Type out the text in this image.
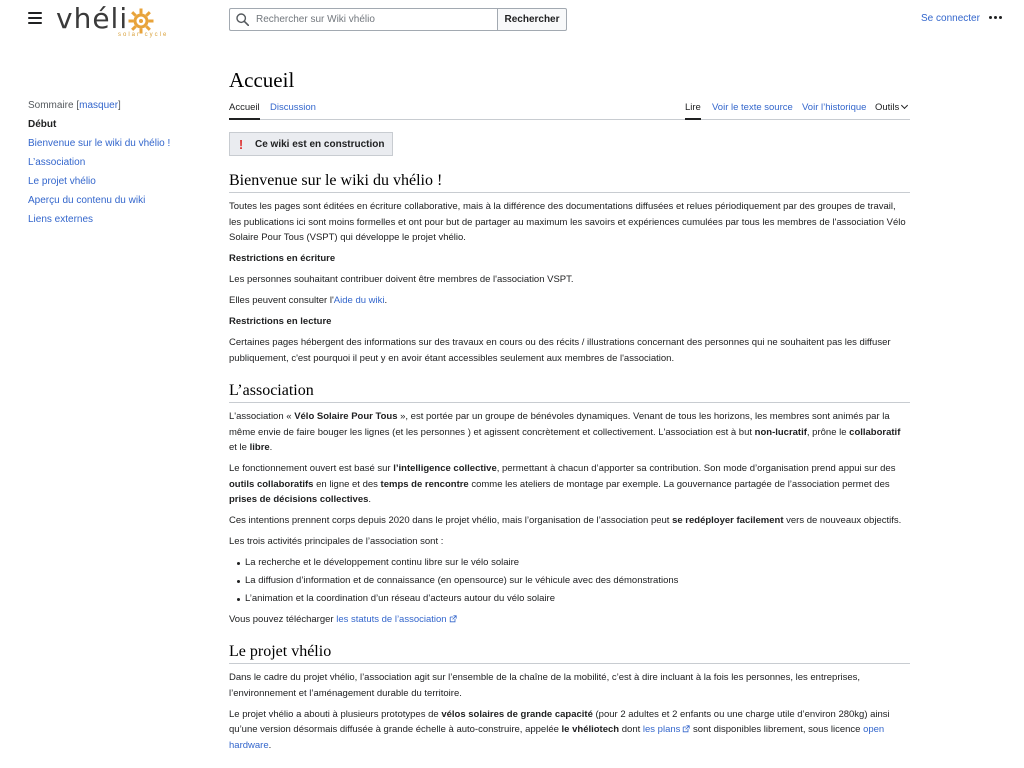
vhéli
solar cycle
Rechercher sur Wiki vhélio
Rechercher	Se connecter
Sommaire [masquer]
Début
Bienvenue sur le wiki du vhélio !
L’association
Le projet vhélio
Aperçu du contenu du wiki
Liens externes
Accueil
Accueil Discussion	Lire Voir le texte source Voir l’historique Outils
!	Ce wiki est en construction
Bienvenue sur le wiki du vhélio !

Toutes les pages sont éditées en écriture collaborative, mais à la différence des documentations diffusées et relues périodiquement par des groupes de travail, les publications ici sont moins formelles et ont pour but de partager au maximum les savoirs et expériences cumulées par tous les membres de l'association Vélo Solaire Pour Tous (VSPT) qui développe le projet vhélio.

Restrictions en écriture

Les personnes souhaitant contribuer doivent être membres de l'association VSPT.

Elles peuvent consulter l'Aide du wiki.

Restrictions en lecture

Certaines pages hébergent des informations sur des travaux en cours ou des récits / illustrations concernant des personnes qui ne souhaitent pas les diffuser publiquement, c'est pourquoi il peut y en avoir étant accessibles seulement aux membres de l'association.

L’association

L'association « Vélo Solaire Pour Tous », est portée par un groupe de bénévoles dynamiques. Venant de tous les horizons, les membres sont animés par la même envie de faire bouger les lignes (et les personnes ) et agissent concrètement et collectivement. L'association est à but non-lucratif, prône le collaboratif et le libre.

Le fonctionnement ouvert est basé sur l’intelligence collective, permettant à chacun d’apporter sa contribution. Son mode d’organisation prend appui sur des outils collaboratifs en ligne et des temps de rencontre comme les ateliers de montage par exemple. La gouvernance partagée de l’association permet des prises de décisions collectives.

Ces intentions prennent corps depuis 2020 dans le projet vhélio, mais l’organisation de l’association peut se redéployer facilement vers de nouveaux objectifs.

Les trois activités principales de l’association sont :

La recherche et le développement continu libre sur le vélo solaire
La diffusion d’information et de connaissance (en opensource) sur le véhicule avec des démonstrations
L’animation et la coordination d’un réseau d’acteurs autour du vélo solaire

Vous pouvez télécharger les statuts de l’association

Le projet vhélio

Dans le cadre du projet vhélio, l’association agit sur l’ensemble de la chaîne de la mobilité, c’est à dire incluant à la fois les personnes, les entreprises, l’environnement et l’aménagement durable du territoire.

Le projet vhélio a abouti à plusieurs prototypes de vélos solaires de grande capacité (pour 2 adultes et 2 enfants ou une charge utile d’environ 280kg) ainsi qu’une version désormais diffusée à grande échelle à auto-construire, appelée le vhéliotech dont les plans sont disponibles librement, sous licence open hardware.
